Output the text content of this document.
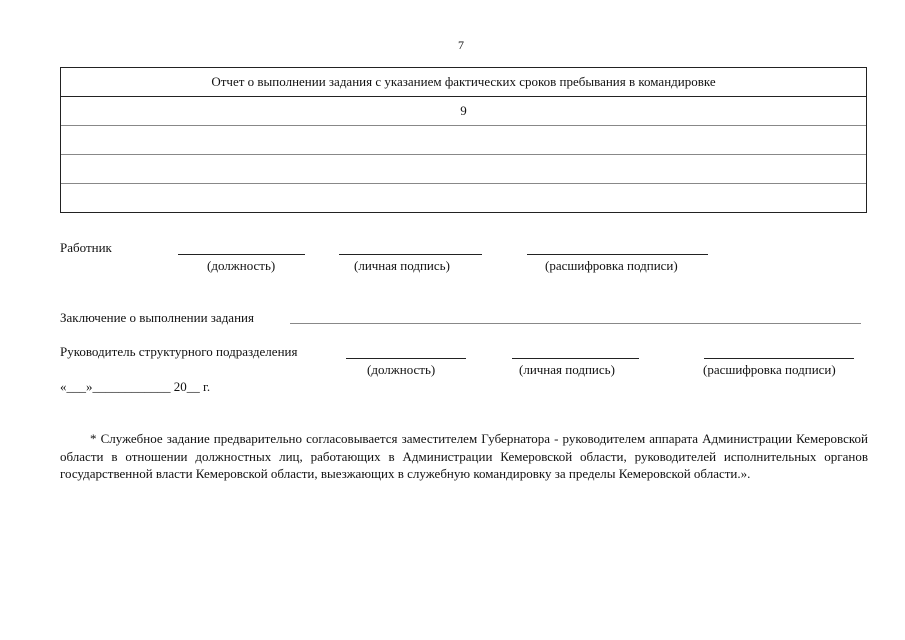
7
Отчет о выполнении задания с указанием фактических сроков пребывания в командировке
9
Работник
(должность)	(личная подпись)	(расшифровка подписи)
Заключение о выполнении задания
Руководитель структурного подразделения
(должность)	(личная подпись)	(расшифровка подписи)
«___»____________ 20__ г.
* Служебное задание предварительно согласовывается заместителем Губернатора - руководителем аппарата Администрации Кемеровской области в отношении должностных лиц, работающих в Администрации Кемеровской области, руководителей исполнительных органов государственной власти Кемеровской области, выезжающих в служебную командировку за пределы Кемеровской области.».
